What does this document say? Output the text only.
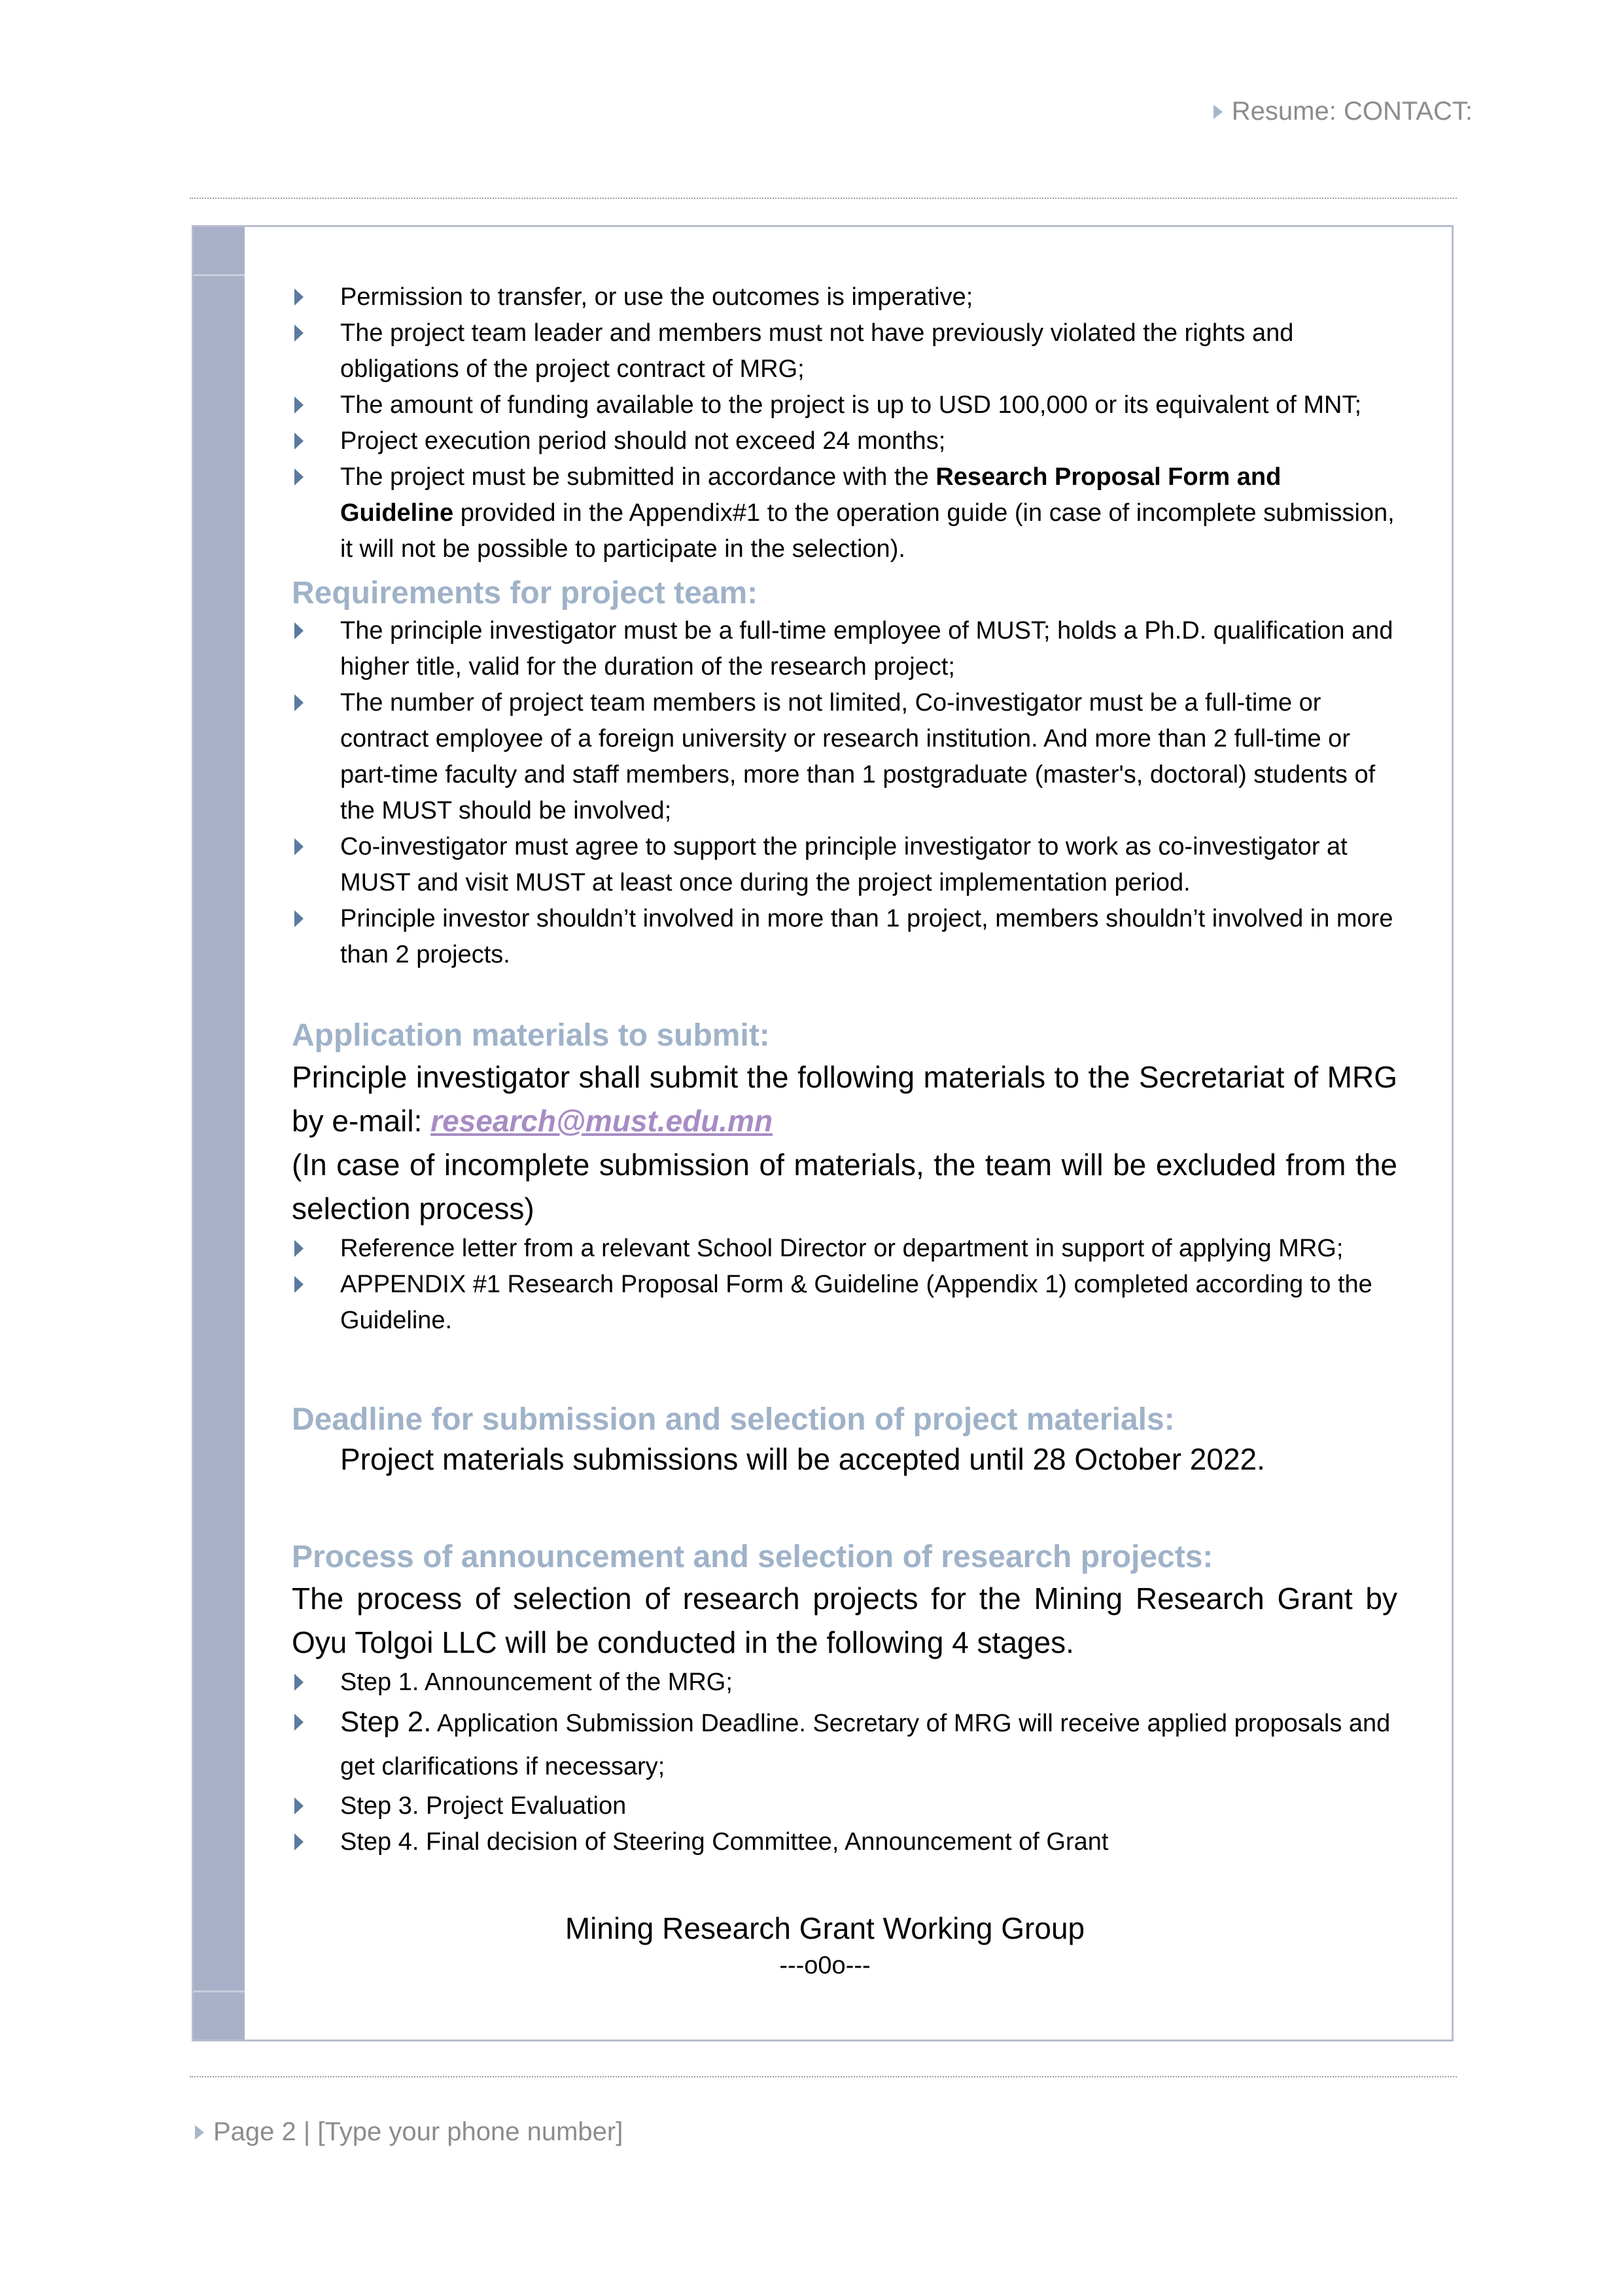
Resume: CONTACT:
Permission to transfer, or use the outcomes is imperative;
The project team leader and members must not have previously violated the rights and obligations of the project contract of MRG;
The amount of funding available to the project is up to USD 100,000 or its equivalent of MNT;
Project execution period should not exceed 24 months;
The project must be submitted in accordance with the Research Proposal Form and Guideline provided in the Appendix#1 to the operation guide (in case of incomplete submission, it will not be possible to participate in the selection).
Requirements for project team:
The principle investigator must be a full-time employee of MUST; holds a Ph.D. qualification and higher title, valid for the duration of the research project;
The number of project team members is not limited, Co-investigator must be a full-time or contract employee of a foreign university or research institution. And more than 2 full-time or part-time faculty and staff members, more than 1 postgraduate (master's, doctoral) students of the MUST should be involved;
Co-investigator must agree to support the principle investigator to work as co-investigator at MUST and visit MUST at least once during the project implementation period.
Principle investor shouldn’t involved in more than 1 project, members shouldn’t involved in more than 2 projects.
Application materials to submit:
Principle investigator shall submit the following materials to the Secretariat of MRG by e-mail: research@must.edu.mn
(In case of incomplete submission of materials, the team will be excluded from the selection process)
Reference letter from a relevant School Director or department in support of applying MRG;
APPENDIX #1 Research Proposal Form & Guideline (Appendix 1) completed according to the Guideline.
Deadline for submission and selection of project materials:
Project materials submissions will be accepted until 28 October 2022.
Process of announcement and selection of research projects:
The process of selection of research projects for the Mining Research Grant by Oyu Tolgoi LLC will be conducted in the following 4 stages.
Step 1. Announcement of the MRG;
Step 2. Application Submission Deadline. Secretary of MRG will receive applied proposals and get clarifications if necessary;
Step 3. Project Evaluation
Step 4. Final decision of Steering Committee, Announcement of Grant
Mining Research Grant Working Group
---o0o---
Page 2 | [Type your phone number]
